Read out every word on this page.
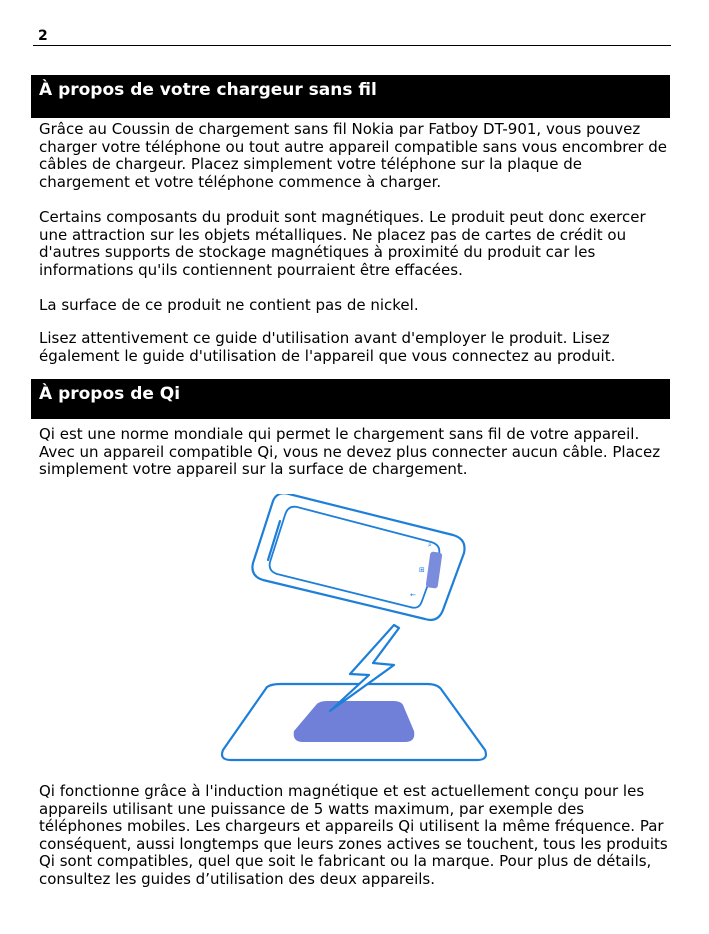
2
À propos de votre chargeur sans fil

Grâce au Coussin de chargement sans fil Nokia par Fatboy DT-901, vous pouvez charger votre téléphone ou tout autre appareil compatible sans vous encombrer de câbles de chargeur. Placez simplement votre téléphone sur la plaque de chargement et votre téléphone commence à charger.

Certains composants du produit sont magnétiques. Le produit peut donc exercer une attraction sur les objets métalliques. Ne placez pas de cartes de crédit ou d'autres supports de stockage magnétiques à proximité du produit car les informations qu'ils contiennent pourraient être effacées.

La surface de ce produit ne contient pas de nickel.

Lisez attentivement ce guide d'utilisation avant d'employer le produit. Lisez également le guide d'utilisation de l'appareil que vous connectez au produit.

À propos de Qi

Qi est une norme mondiale qui permet le chargement sans fil de votre appareil. Avec un appareil compatible Qi, vous ne devez plus connecter aucun câble. Placez simplement votre appareil sur la surface de chargement.

⌕
⊞
←

Qi fonctionne grâce à l'induction magnétique et est actuellement conçu pour les appareils utilisant une puissance de 5 watts maximum, par exemple des téléphones mobiles. Les chargeurs et appareils Qi utilisent la même fréquence. Par conséquent, aussi longtemps que leurs zones actives se touchent, tous les produits Qi sont compatibles, quel que soit le fabricant ou la marque. Pour plus de détails, consultez les guides d’utilisation des deux appareils.
